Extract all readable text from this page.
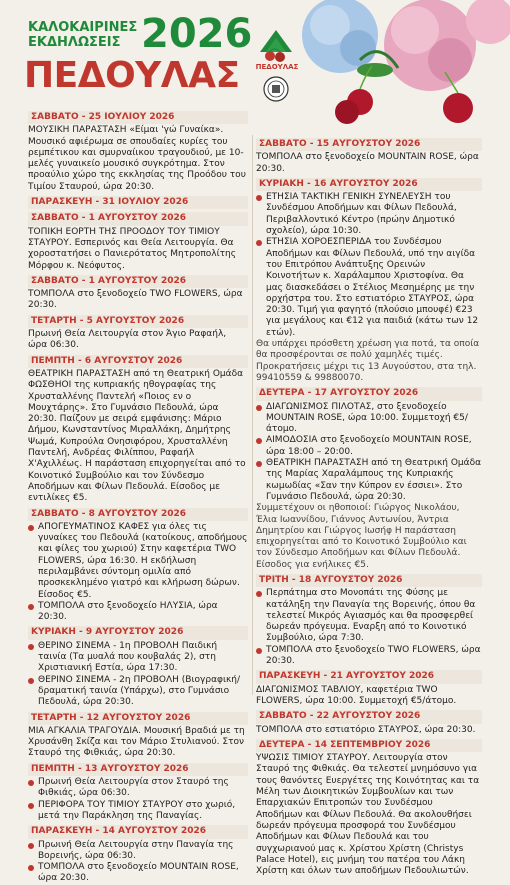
ΚΑΛΟΚΑΙΡΙΝΕΣ ΕΚΔΗΛΩΣΕΙΣ 2026
ΠΕΔΟΥΛΑΣ	ΠΕΔΟΥΛΑΣ
ΣΑΒΒΑΤΟ - 25 ΙΟΥΛΙΟΥ 2026
ΜΟΥΣΙΚΗ ΠΑΡΑΣΤΑΣΗ «Είμαι 'γώ Γυναίκα». Μουσικό αφιέρωμα σε σπουδαίες κυρίες του ρεμπέτικου και σμυρναίικου τραγουδιού, με 10-μελές γυναικείο μουσικό συγκρότημα. Στον προαύλιο χώρο της εκκλησίας της Προόδου του Τιμίου Σταυρού, ώρα 20:30.
ΠΑΡΑΣΚΕΥΗ - 31 ΙΟΥΛΙΟΥ 2026
ΣΑΒΒΑΤΟ - 1 ΑΥΓΟΥΣΤΟΥ 2026
ΤΟΠΙΚΗ ΕΟΡΤΗ ΤΗΣ ΠΡΟΟΔΟΥ ΤΟΥ ΤΙΜΙΟΥ ΣΤΑΥΡΟΥ. Εσπερινός και Θεία Λειτουργία. Θα χοροστατήσει ο Πανιερότατος Μητροπολίτης Μόρφου κ. Νεόφυτος.
ΣΑΒΒΑΤΟ - 1 ΑΥΓΟΥΣΤΟΥ 2026
ΤΟΜΠΟΛΑ στο ξενοδοχείο TWO FLOWERS, ώρα 20:30.
ΤΕΤΑΡΤΗ - 5 ΑΥΓΟΥΣΤΟΥ 2026
Πρωινή Θεία Λειτουργία στον Άγιο Ραφαήλ, ώρα 06:30.
ΠΕΜΠΤΗ - 6 ΑΥΓΟΥΣΤΟΥ 2026
ΘΕΑΤΡΙΚΗ ΠΑΡΑΣΤΑΣΗ από τη Θεατρική Ομάδα ΦΩΣΘΗΟΙ της κυπριακής ηθογραφίας της Χρυσταλλένης Παντελή «Ποιος εν ο Μουχτάρης». Στο Γυμνάσιο Πεδουλά, ώρα 20:30. Παίζουν με σειρά εμφάνισης: Μάριο Δήμου, Κωνσταντίνος Μιραλλάκη, Δημήτρης Ψωμά, Κυπρούλα Ονησιφόρου, Χρυσταλλένη Παντελή, Ανδρέας Φιλίππου, Ραφαήλ Χ'Αχιλλέως. Η παράσταση επιχορηγείται από το Κοινοτικό Συμβούλιο και τον Σύνδεσμο Αποδήμων και Φίλων Πεδουλά. Είσοδος με εντιλίκες €5.
ΣΑΒΒΑΤΟ - 8 ΑΥΓΟΥΣΤΟΥ 2026
ΑΠΟΓΕΥΜΑΤΙΝΟΣ ΚΑΦΕΣ για όλες τις γυναίκες του Πεδουλά (κατοίκους, αποδήμους και φίλες του χωριού) Στην καφετέρια TWO FLOWERS, ώρα 16:30. Η εκδήλωση περιλαμβάνει σύντομη ομιλία από προσκεκλημένο γιατρό και κλήρωση δώρων. Είσοδος €5.
ΤΟΜΠΟΛΑ στο ξενοδοχείο ΗΛΥΣΙΑ, ώρα 20:30.
ΚΥΡΙΑΚΗ - 9 ΑΥΓΟΥΣΤΟΥ 2026
ΘΕΡΙΝΟ ΣΙΝΕΜΑ - 1η ΠΡΟΒΟΛΗ Παιδική ταινία (Τα μυαλά που κουβαλάς 2), στη Χριστιανική Εστία, ώρα 17:30.
ΘΕΡΙΝΟ ΣΙΝΕΜΑ - 2η ΠΡΟΒΟΛΗ (Βιογραφική/δραματική ταινία (Υπάρχω), στο Γυμνάσιο Πεδουλά, ώρα 20:30.
ΤΕΤΑΡΤΗ - 12 ΑΥΓΟΥΣΤΟΥ 2026
ΜΙΑ ΑΓΚΑΛΙΑ ΤΡΑΓΟΥΔΙΑ. Μουσική Βραδιά με τη Χρυσάνθη Σκίζα και τον Μάριο Στυλιανού. Στον Σταυρό της Φιθκιάς, ώρα 20:30.
ΠΕΜΠΤΗ - 13 ΑΥΓΟΥΣΤΟΥ 2026
Πρωινή Θεία Λειτουργία στον Σταυρό της Φιθκιάς, ώρα 06:30.
ΠΕΡΙΦΟΡΑ ΤΟΥ ΤΙΜΙΟΥ ΣΤΑΥΡΟΥ στο χωριό, μετά την Παράκληση της Παναγίας.
ΠΑΡΑΣΚΕΥΗ - 14 ΑΥΓΟΥΣΤΟΥ 2026
Πρωινή Θεία Λειτουργία στην Παναγία της Βορεινής, ώρα 06:30.
ΤΟΜΠΟΛΑ στο ξενοδοχείο MOUNTAIN ROSE, ώρα 20:30.
ΣΑΒΒΑΤΟ - 15 ΑΥΓΟΥΣΤΟΥ 2026
ΤΟΜΠΟΛΑ στο ξενοδοχείο MOUNTAIN ROSE, ώρα 20:30.
ΚΥΡΙΑΚΗ - 16 ΑΥΓΟΥΣΤΟΥ 2026
ΕΤΗΣΙΑ ΤΑΚΤΙΚΗ ΓΕΝΙΚΗ ΣΥΝΕΛΕΥΣΗ του Συνδέσμου Αποδήμων και Φίλων Πεδουλά, Περιβαλλοντικό Κέντρο (πρώην Δημοτικό σχολείο), ώρα 10:30.
ΕΤΗΣΙΑ ΧΟΡΟΕΣΠΕΡΙΔΑ του Συνδέσμου Αποδήμων και Φίλων Πεδουλά, υπό την αιγίδα του Επιτρόπου Ανάπτυξης Ορεινών Κοινοτήτων κ. Χαράλαμπου Χριστοφίνα. Θα μας διασκεδάσει ο Στέλιος Μεσημέρης με την ορχήστρα του. Στο εστιατόριο ΣΤΑΥΡΟΣ, ώρα 20:30. Τιμή για φαγητό (πλούσιο μπουφέ) €23 για μεγάλους και €12 για παιδιά (κάτω των 12 ετών).
Θα υπάρχει πρόσθετη χρέωση για ποτά, τα οποία θα προσφέρονται σε πολύ χαμηλές τιμές. Προκρατήσεις μέχρι τις 13 Αυγούστου, στα τηλ. 99410559 & 99880070.
ΔΕΥΤΕΡΑ - 17 ΑΥΓΟΥΣΤΟΥ 2026
ΔΙΑΓΩΝΙΣΜΟΣ ΠΙΛΟΤΑΣ, στο ξενοδοχείο MOUNTAIN ROSE, ώρα 10:00. Συμμετοχή €5/άτομο.
ΑΙΜΟΔΟΣΙΑ στο ξενοδοχείο MOUNTAIN ROSE, ώρα 18:00 – 20:00.
ΘΕΑΤΡΙΚΗ ΠΑΡΑΣΤΑΣΗ από τη Θεατρική Ομάδα της Μαρίας Χαραλάμπους της Κυπριακής κωμωδίας «Σαν την Κύπρον εν έσσιει». Στο Γυμνάσιο Πεδουλά, ώρα 20:30.
Συμμετέχουν οι ηθοποιοί: Γιώργος Νικολάου, Έλια Ιωαννίδου, Γιάννος Αντωνίου, Άντρια Δημητρίου και Γιώργος Ιωσήφ Η παράσταση επιχορηγείται από το Κοινοτικό Συμβούλιο και τον Σύνδεσμο Αποδήμων και Φίλων Πεδουλά. Είσοδος για ενήλικες €5.
ΤΡΙΤΗ - 18 ΑΥΓΟΥΣΤΟΥ 2026
Περπάτημα στο Μονοπάτι της Φύσης με κατάληξη την Παναγία της Βορεινής, όπου θα τελεστεί Μικρός Αγιασμός και θα προσφερθεί δωρεάν πρόγευμα. Εναρξη από το Κοινοτικό Συμβούλιο, ώρα 7:30.
ΤΟΜΠΟΛΑ στο ξενοδοχείο TWO FLOWERS, ώρα 20:30.
ΠΑΡΑΣΚΕΥΗ - 21 ΑΥΓΟΥΣΤΟΥ 2026
ΔΙΑΓΩΝΙΣΜΟΣ ΤΑΒΛΙΟΥ, καφετέρια TWO FLOWERS, ώρα 10:00. Συμμετοχή €5/άτομο.
ΣΑΒΒΑΤΟ - 22 ΑΥΓΟΥΣΤΟΥ 2026
ΤΟΜΠΟΛΑ στο εστιατόριο ΣΤΑΥΡΟΣ, ώρα 20:30.
ΔΕΥΤΕΡΑ - 14 ΣΕΠΤΕΜΒΡΙΟΥ 2026
ΥΨΩΣΙΣ ΤΙΜΙΟΥ ΣΤΑΥΡΟΥ. Λειτουργία στον Σταυρό της Φιθκιάς. Θα τελεστεί μνημόσυνο για τους θανόντες Ευεργέτες της Κοινότητας και τα Μέλη των Διοικητικών Συμβουλίων και των Επαρχιακών Επιτροπών του Συνδέσμου Αποδήμων και Φίλων Πεδουλά. Θα ακολουθήσει δωρεάν πρόγευμα προσφορά του Συνδέσμου Αποδήμων και Φίλων Πεδουλά και του συγχωριανού μας κ. Χρίστου Χρίστη (Christys Palace Hotel), εις μνήμη του πατέρα του Λάκη Χρίστη και όλων των αποδήμων Πεδουλιωτών.
